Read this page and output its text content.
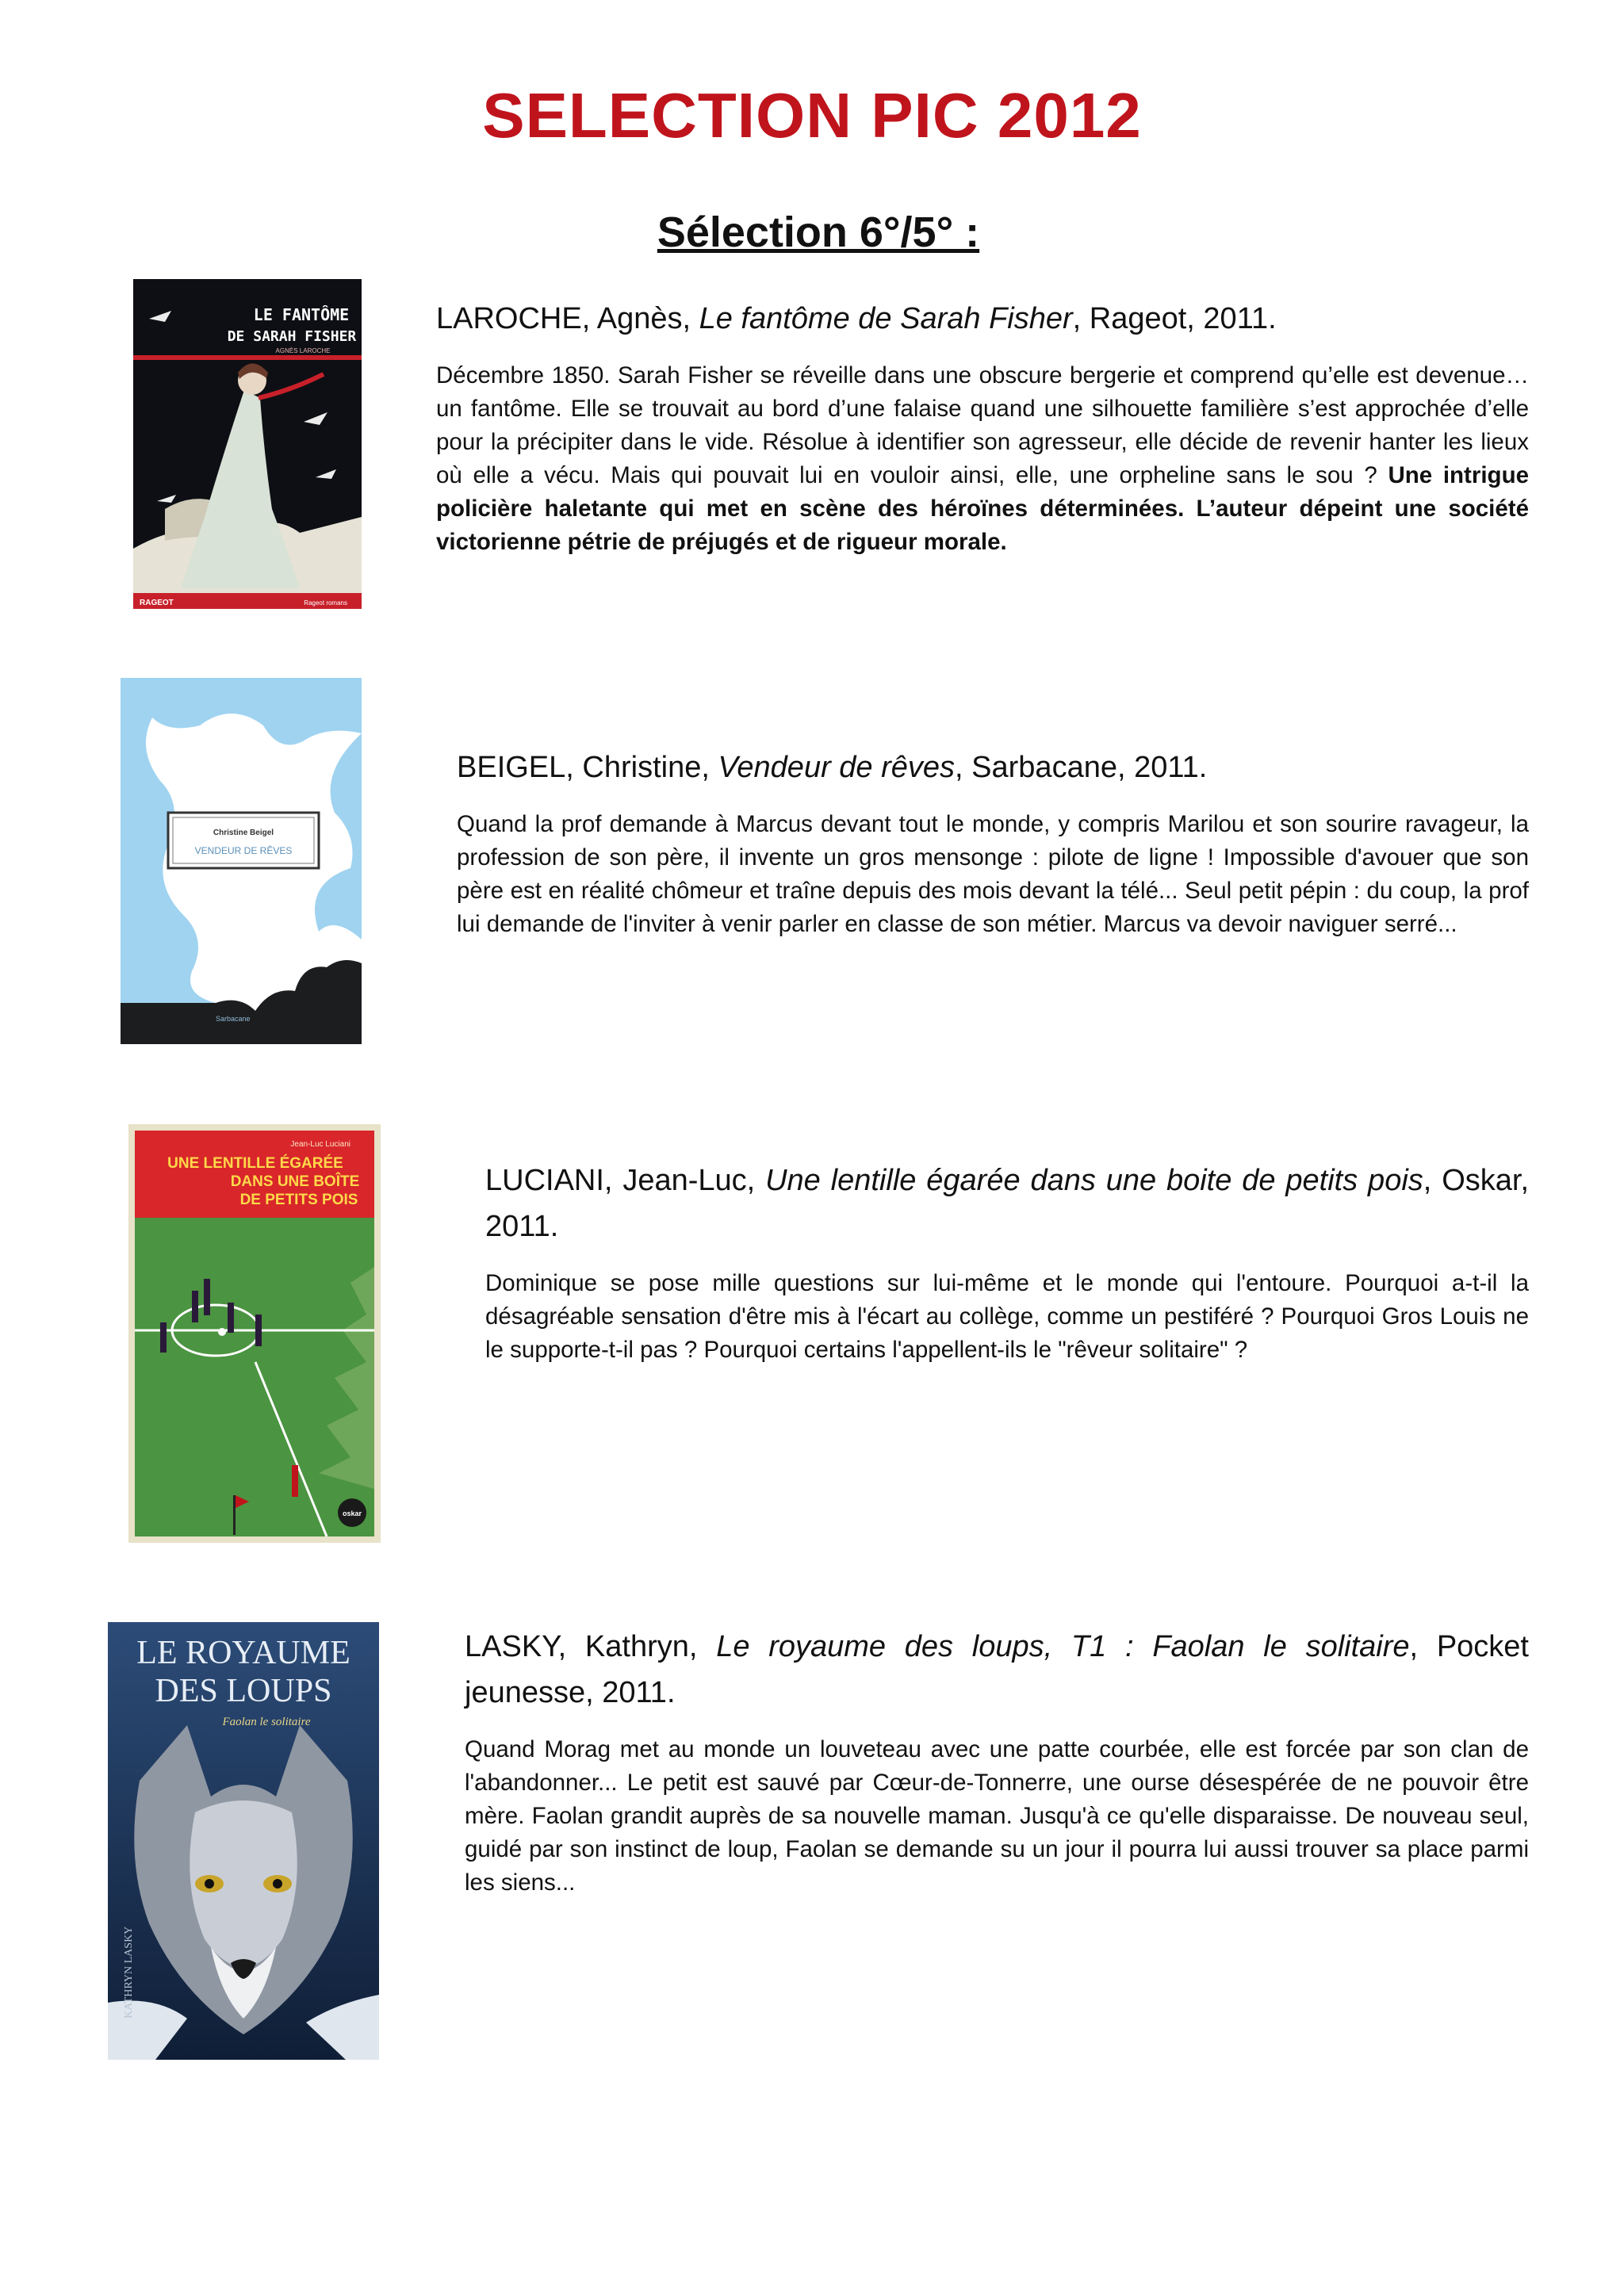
SELECTION PIC 2012
Sélection 6°/5° :
LE FANTÔME
DE SARAH FISHER
AGNÈS LAROCHE
RAGEOT	Rageot romans

LAROCHE, Agnès, Le fantôme de Sarah Fisher, Rageot, 2011.

Décembre 1850. Sarah Fisher se réveille dans une obscure bergerie et comprend qu’elle est devenue… un fantôme. Elle se trouvait au bord d’une falaise quand une silhouette familière s’est approchée d’elle pour la précipiter dans le vide. Résolue à identifier son agresseur, elle décide de revenir hanter les lieux où elle a vécu. Mais qui pouvait lui en vouloir ainsi, elle, une orpheline sans le sou ? Une intrigue policière haletante qui met en scène des héroïnes déterminées. L’auteur dépeint une société victorienne pétrie de préjugés et de rigueur morale.

Christine Beigel
VENDEUR DE RÊVES
Sarbacane

BEIGEL, Christine, Vendeur de rêves, Sarbacane, 2011.

Quand la prof demande à Marcus devant tout le monde, y compris Marilou et son sourire ravageur, la profession de son père, il invente un gros mensonge : pilote de ligne ! Impossible d'avouer que son père est en réalité chômeur et traîne depuis des mois devant la télé... Seul petit pépin : du coup, la prof lui demande de l'inviter à venir parler en classe de son métier. Marcus va devoir naviguer serré...

oskar
Jean-Luc Luciani
UNE LENTILLE ÉGARÉE
DANS UNE BOÎTE
DE PETITS POIS

LUCIANI, Jean-Luc, Une lentille égarée dans une boite de petits pois, Oskar, 2011.

Dominique se pose mille questions sur lui-même et le monde qui l'entoure. Pourquoi a-t-il la désagréable sensation d'être mis à l'écart au collège, comme un pestiféré ? Pourquoi Gros Louis ne le supporte-t-il pas ? Pourquoi certains l'appellent-ils le "rêveur solitaire" ?

LE ROYAUME
DES LOUPS
Faolan le solitaire
KATHRYN LASKY

LASKY, Kathryn, Le royaume des loups, T1 : Faolan le solitaire, Pocket jeunesse, 2011.

Quand Morag met au monde un louveteau avec une patte courbée, elle est forcée par son clan de l'abandonner... Le petit est sauvé par Cœur-de-Tonnerre, une ourse désespérée de ne pouvoir être mère. Faolan grandit auprès de sa nouvelle maman. Jusqu'à ce qu'elle disparaisse. De nouveau seul, guidé par son instinct de loup, Faolan se demande su un jour il pourra lui aussi trouver sa place parmi les siens...
